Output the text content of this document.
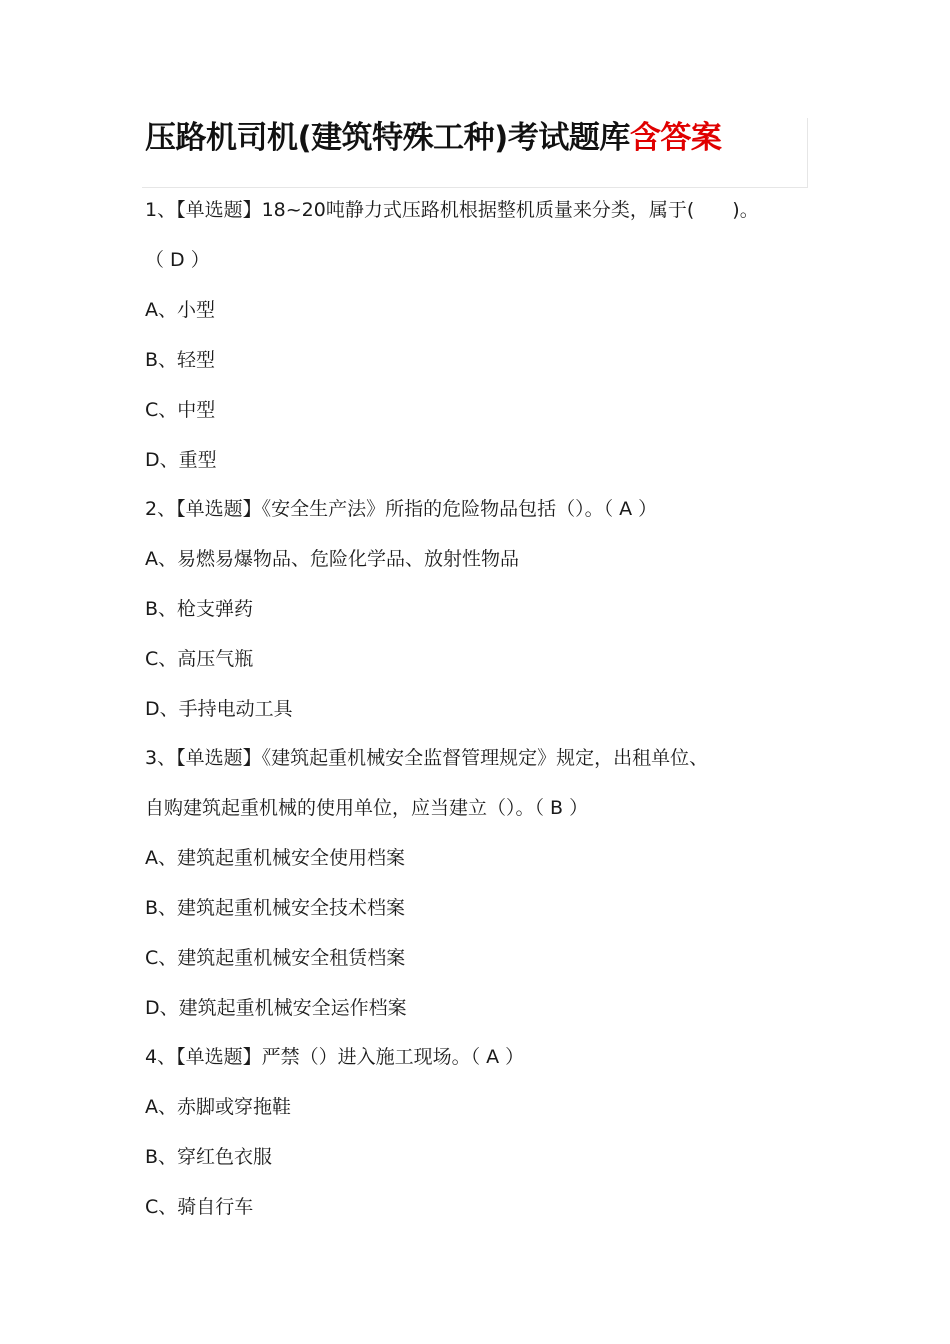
压路机司机(建筑特殊工种)考试题库含答案
1、【单选题】18~20吨静力式压路机根据整机质量来分类，属于(　　)。
（ D ）
A、小型
B、轻型
C、中型
D、重型
2、【单选题】《安全生产法》所指的危险物品包括（）。（ A ）
A、易燃易爆物品、危险化学品、放射性物品
B、枪支弹药
C、高压气瓶
D、手持电动工具
3、【单选题】《建筑起重机械安全监督管理规定》规定，出租单位、
自购建筑起重机械的使用单位，应当建立（）。（ B ）
A、建筑起重机械安全使用档案
B、建筑起重机械安全技术档案
C、建筑起重机械安全租赁档案
D、建筑起重机械安全运作档案
4、【单选题】严禁（）进入施工现场。（ A ）
A、赤脚或穿拖鞋
B、穿红色衣服
C、骑自行车
